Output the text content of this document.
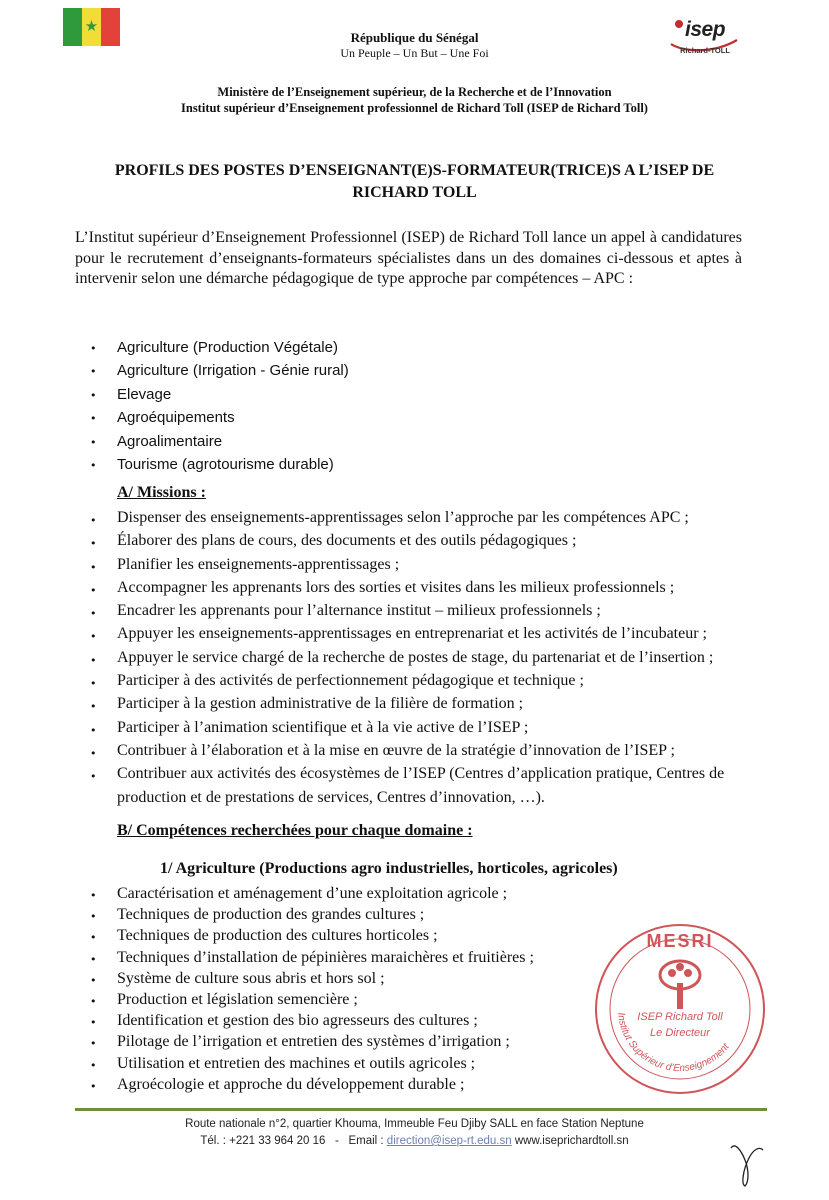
★
République du Sénégal
Un Peuple – Un But – Une Foi
isep
Richard-TOLL
Ministère de l’Enseignement supérieur, de la Recherche et de l’Innovation
Institut supérieur d’Enseignement professionnel de Richard Toll (ISEP de Richard Toll)
PROFILS DES POSTES D’ENSEIGNANT(E)S-FORMATEUR(TRICE)S A L’ISEP DE
RICHARD TOLL
L’Institut supérieur d’Enseignement Professionnel (ISEP) de Richard Toll lance un appel à candidatures pour le recrutement d’enseignants-formateurs spécialistes dans un des domaines ci-dessous et aptes à intervenir selon une démarche pédagogique de type approche par compétences – APC :
• Agriculture (Production Végétale)
• Agriculture (Irrigation - Génie rural)
• Elevage
• Agroéquipements
• Agroalimentaire
• Tourisme (agrotourisme durable)
A/ Missions :
• Dispenser des enseignements-apprentissages selon l’approche par les compétences APC ;
• Élaborer des plans de cours, des documents et des outils pédagogiques ;
• Planifier les enseignements-apprentissages ;
• Accompagner les apprenants lors des sorties et visites dans les milieux professionnels ;
• Encadrer les apprenants pour l’alternance institut – milieux professionnels ;
• Appuyer les enseignements-apprentissages en entreprenariat et les activités de l’incubateur ;
• Appuyer le service chargé de la recherche de postes de stage, du partenariat et de l’insertion ;
• Participer à des activités de perfectionnement pédagogique et technique ;
• Participer à la gestion administrative de la filière de formation ;
• Participer à l’animation scientifique et à la vie active de l’ISEP ;
• Contribuer à l’élaboration et à la mise en œuvre de la stratégie d’innovation de l’ISEP ;
• Contribuer aux activités des écosystèmes de l’ISEP (Centres d’application pratique, Centres de production et de prestations de services, Centres d’innovation, …).
B/ Compétences recherchées pour chaque domaine :
1/ Agriculture (Productions agro industrielles, horticoles, agricoles)
• Caractérisation et aménagement d’une exploitation agricole ;
• Techniques de production des grandes cultures ;
• Techniques de production des cultures horticoles ;
• Techniques d’installation de pépinières maraichères et fruitières ;
• Système de culture sous abris et hors sol ;
• Production et législation semencière ;
• Identification et gestion des bio agresseurs des cultures ;
• Pilotage de l’irrigation et entretien des systèmes d’irrigation ;
• Utilisation et entretien des machines et outils agricoles ;
• Agroécologie et approche du développement durable ;
Institut Supérieur d’Enseignement
MESRI
ISEP Richard Toll
Le Directeur
Route nationale n°2, quartier Khouma, Immeuble Feu Djiby SALL en face Station Neptune
Tél. : +221 33 964 20 16 - Email : direction@isep-rt.edu.sn www.iseprichardtoll.sn
